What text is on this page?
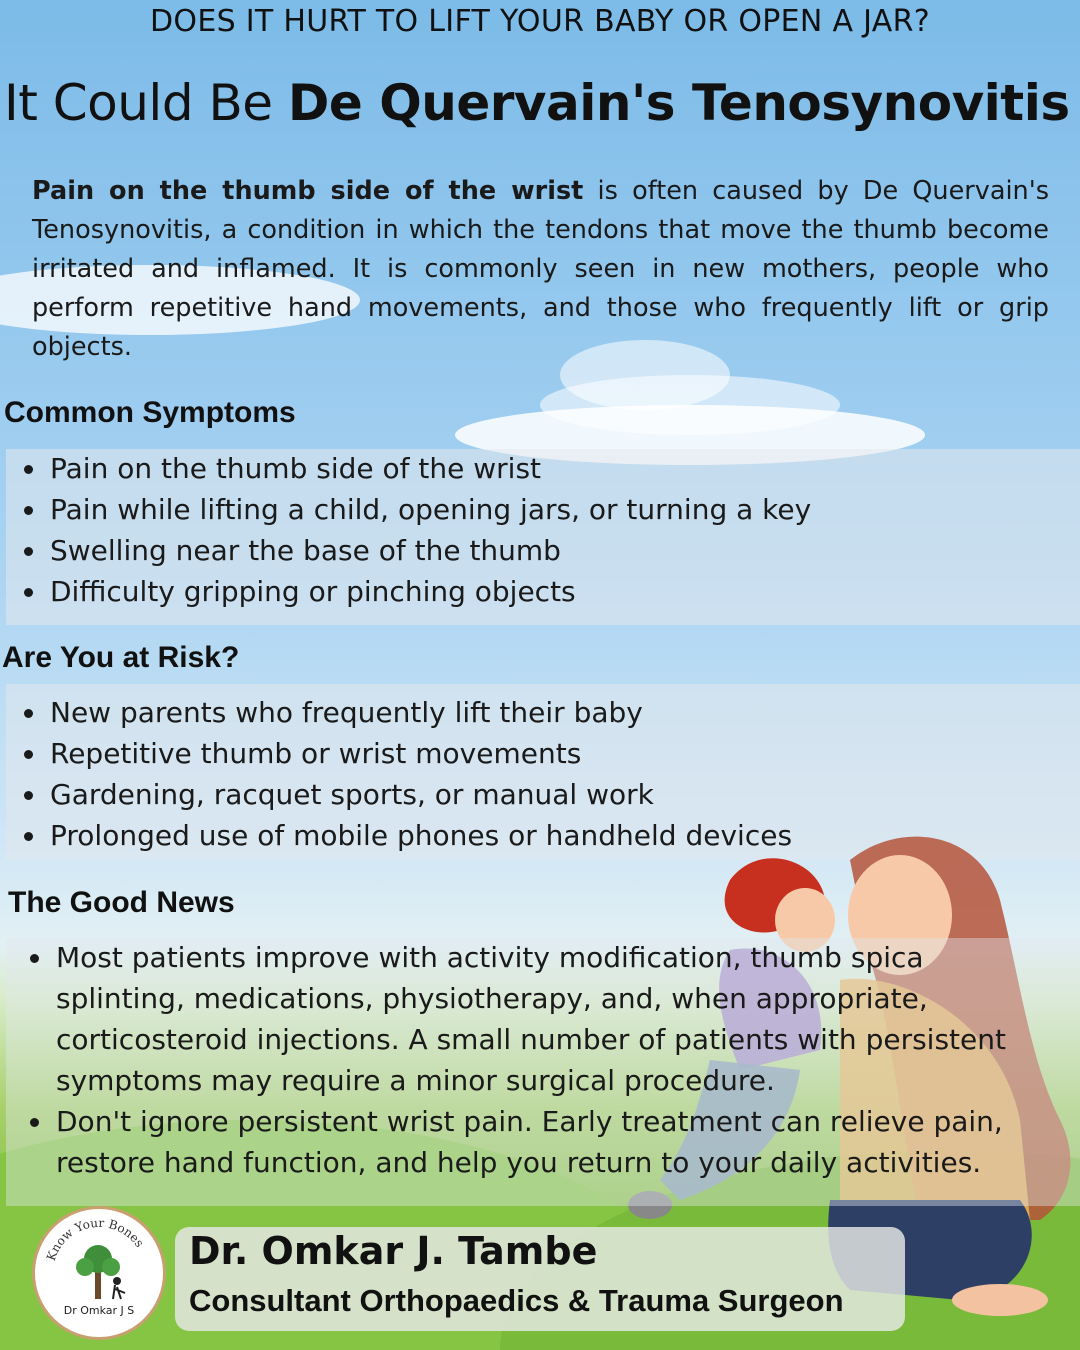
DOES IT HURT TO LIFT YOUR BABY OR OPEN A JAR?
It Could Be De Quervain's Tenosynovitis
Pain on the thumb side of the wrist is often caused by De Quervain's Tenosynovitis, a condition in which the tendons that move the thumb become irritated and inflamed. It is commonly seen in new mothers, people who perform repetitive hand movements, and those who frequently lift or grip objects.
Common Symptoms
Pain on the thumb side of the wrist
Pain while lifting a child, opening jars, or turning a key
Swelling near the base of the thumb
Difficulty gripping or pinching objects
Are You at Risk?
New parents who frequently lift their baby
Repetitive thumb or wrist movements
Gardening, racquet sports, or manual work
Prolonged use of mobile phones or handheld devices
The Good News
Most patients improve with activity modification, thumb spica splinting, medications, physiotherapy, and, when appropriate, corticosteroid injections. A small number of patients with persistent symptoms may require a minor surgical procedure.
Don't ignore persistent wrist pain. Early treatment can relieve pain, restore hand function, and help you return to your daily activities.
Know Your Bones
Dr Omkar J S
Dr. Omkar J. Tambe
Consultant Orthopaedics & Trauma Surgeon
